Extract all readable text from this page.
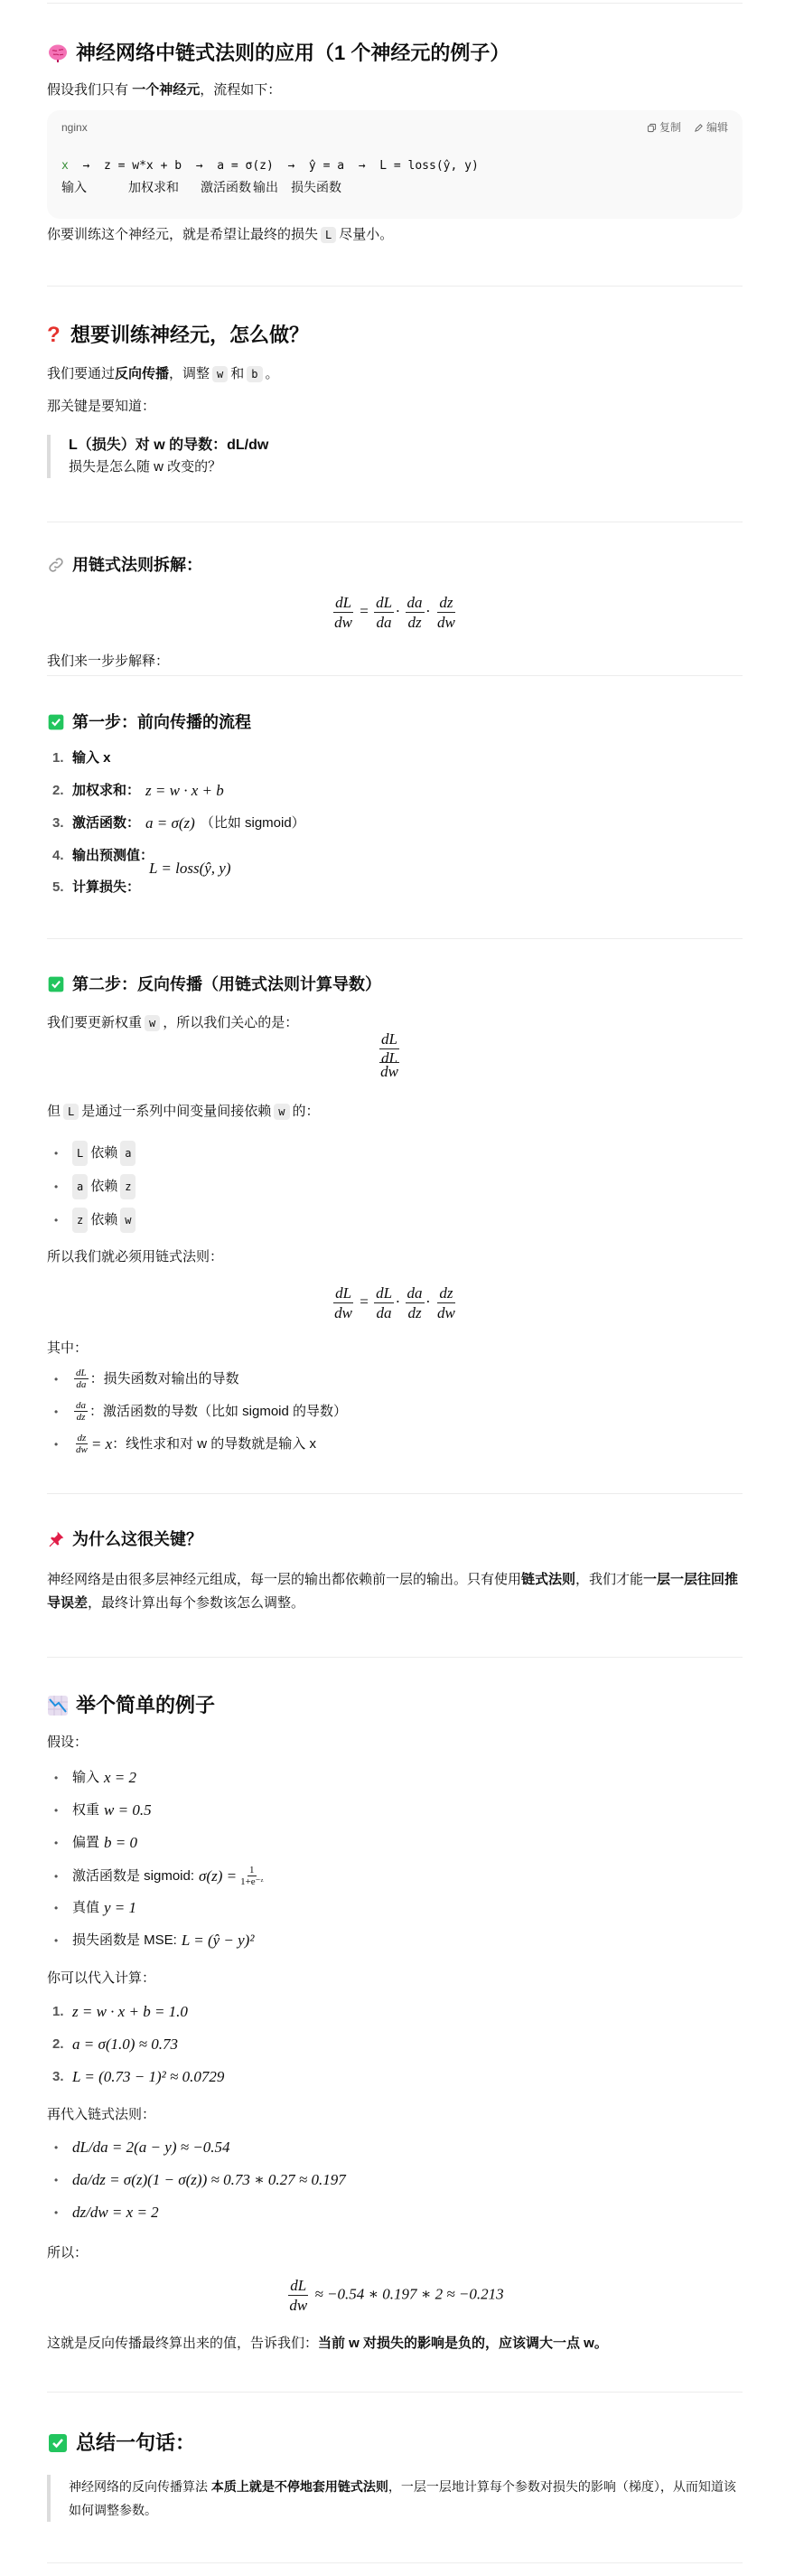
神经网络中链式法则的应用（1 个神经元的例子）
假设我们只有 一个神经元，流程如下：
nginx	复制 编辑
x  →  z = w*x + b  →  a = σ(z)  →  ŷ = a  →  L = loss(ŷ, y)
输入	加权求和 激活函数 输出 损失函数
你要训练这个神经元，就是希望让最终的损失 L 尽量小。
? 想要训练神经元，怎么做？
我们要通过反向传播，调整 w 和 b 。
那关键是要知道：
L（损失）对 w 的导数：dL/dw
损失是怎么随 w 改变的？
用链式法则拆解：
$\frac{dL}{dw} = \frac{dL}{da} \cdot \frac{da}{dz} \cdot \frac{dz}{dw}$
我们来一步步解释：
第一步：前向传播的流程
1. 输入 x
2. 加权求和： z = w · x + b
3. 激活函数： a = σ(z) （比如 sigmoid）
4. 输出预测值：
L = loss(ŷ, y)
5. 计算损失：
第二步：反向传播（用链式法则计算导数）
我们要更新权重 w ，所以我们关心的是：
dL
dL
dw
但 L 是通过一系列中间变量间接依赖 w 的：
•
L 依赖 a
•
a 依赖 z
•
z 依赖 w
所以我们就必须用链式法则：
$\frac{dL}{dw} = \frac{dL}{da} \cdot \frac{da}{dz} \cdot \frac{dz}{dw}$
其中：
•
$\frac{dL}{da}$ ：损失函数对输出的导数
•
$\frac{da}{dz}$ ：激活函数的导数（比如 sigmoid 的导数）
•
$\frac{dz}{dw} = x$ ：线性求和对 w 的导数就是输入 x
为什么这很关键？
神经网络是由很多层神经元组成，每一层的输出都依赖前一层的输出。只有使用链式法则，我们才能一层一层往回推导误差，最终计算出每个参数该怎么调整。
举个简单的例子
假设：
•
输入 x = 2
•
权重 w = 0.5
•
偏置 b = 0
•
激活函数是 sigmoid: $\sigma(z) = \frac{1}{\text{1+e⁻ᶻ}}$
•
真值 y = 1
•
损失函数是 MSE: L = (ŷ − y)²
你可以代入计算：
1. z = w · x + b = 1.0
2. a = σ(1.0) ≈ 0.73
3. L = (0.73 − 1)² ≈ 0.0729
再代入链式法则：
•
dL/da = 2(a − y) ≈ −0.54
•
da/dz = σ(z)(1 − σ(z)) ≈ 0.73 ∗ 0.27 ≈ 0.197
•
dz/dw = x = 2
所以：
$\frac{dL}{dw} \approx -0.54$ ∗ 0.197 ∗ 2 ≈ −0.213
这就是反向传播最终算出来的值，告诉我们：当前 w 对损失的影响是负的，应该调大一点 w。
总结一句话：
神经网络的反向传播算法 本质上就是不停地套用链式法则，一层一层地计算每个参数对损失的影响（梯度），从而知道该如何调整参数。
